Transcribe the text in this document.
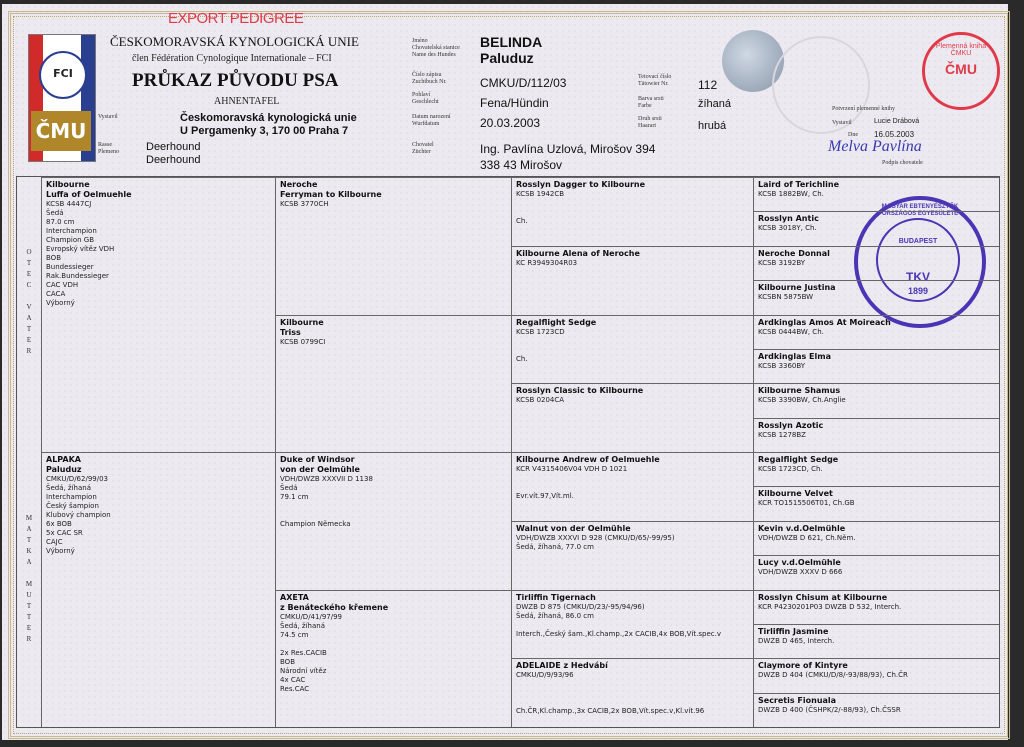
EXPORT PEDIGREE
FCI
ČMU
ČESKOMORAVSKÁ KYNOLOGICKÁ UNIE
člen Fédération Cynologique Internationale – FCI
PRŮKAZ PŮVODU PSA
AHNENTAFEL
Vystavil	Českomoravská kynologická unie
U Pergamenky 3, 170 00 Praha 7
Rasse
Plemeno Deerhound
Deerhound
Jméno
Chovatelská stanice
Name des Hundes
BELINDA
Paluduz
Číslo zápisu
Zuchtbuch Nr.	CMKU/D/112/03
Pohlaví
Geschlecht	Fena/Hündin
Datum narození
Wurfdatum	20.03.2003
Chovatel
Züchter	Ing. Pavlína Uzlová, Mirošov 394
338 43 Mirošov
Tetovací číslo
Tätowier Nr. 112
Barva srsti
Farbe	žíhaná
Druh srsti
Haarart	hrubá
Potvrzení plemenné knihy
Vystavil	Lucie Drábová
Dne 16.05.2003
Melva Pavlína
Podpis chovatele
Plemenná kniha ČMKU
ČMU
MAGYAR EBTENYÉSZTŐK ORSZÁGOS EGYESÜLETE
BUDAPEST
TKV
1899
O
T
E
C

V
A
T
E
R
M
A
T
K
A

M
U
T
T
E
R
Kilbourne
Luffa of Oelmuehle
KCSB 4447CJ
Šedá
87.0 cm
Interchampion
Champion GB
Evropský vítěz VDH
BOB
Bundessieger
Rak.Bundessieger
CAC VDH
CACA
Výborný
ALPAKA
Paluduz
CMKU/D/62/99/03
Šedá, žíhaná
Interchampion
Český šampion
Klubový champion
6x BOB
5x CAC SR
CAJC
Výborný
Neroche
Ferryman to Kilbourne
KCSB 3770CH
Kilbourne
Triss
KCSB 0799CI
Duke of Windsor
von der Oelmühle
VDH/DWZB XXXVII D 1138
Šedá
79.1 cm

Champion Německa
AXETA
z Benáteckého křemene
CMKU/D/41/97/99
Šedá, žíhaná
74.5 cm

2x Res.CACIB
BOB
Národní vítěz
4x CAC
Res.CAC
Rosslyn Dagger to Kilbourne
KCSB 1942CB

Ch.
Kilbourne Alena of Neroche
KC R3949304R03
Regalflight Sedge
KCSB 1723CD

Ch.
Rosslyn Classic to Kilbourne
KCSB 0204CA
Kilbourne Andrew of Oelmuehle
KCR V4315406V04 VDH D 1021

Evr.vít.97,Vít.ml.
Walnut von der Oelmühle
VDH/DWZB XXXVI D 928 (CMKU/D/65/-99/95)
Šedá, žíhaná, 77.0 cm
Tirliffin Tigernach
DWZB D 875 (CMKU/D/23/-95/94/96)
Šedá, žíhaná, 86.0 cm

Interch.,Český šam.,Kl.champ.,2x CACIB,4x BOB,Vít.spec.v
ADELAIDE z Hedvábí
CMKU/D/9/93/96

Ch.ČR,Kl.champ.,3x CACIB,2x BOB,Vít.spec.v,Kl.vít.96
Laird of Terichline
KCSB 1882BW, Ch.
Rosslyn Antic
KCSB 3018Y, Ch.
Neroche Donnal
KCSB 3192BY
Kilbourne Justina
KCSBN 5875BW
Ardkinglas Amos At Moireach
KCSB 0444BW, Ch.
Ardkinglas Elma
KCSB 3360BY
Kilbourne Shamus
KCSB 3390BW, Ch.Anglie
Rosslyn Azotic
KCSB 1278BZ
Regalflight Sedge
KCSB 1723CD, Ch.
Kilbourne Velvet
KCR TO1515506T01, Ch.GB
Kevin v.d.Oelmühle
VDH/DWZB D 621, Ch.Něm.
Lucy v.d.Oelmühle
VDH/DWZB XXXV D 666
Rosslyn Chisum at Kilbourne
KCR P4230201P03 DWZB D 532, Interch.
Tirliffin Jasmine
DWZB D 465, Interch.
Claymore of Kintyre
DWZB D 404 (CMKU/D/8/-93/88/93), Ch.ČR
Secretis Fionuala
DWZB D 400 (ČSHPK/2/-88/93), Ch.ČSSR
